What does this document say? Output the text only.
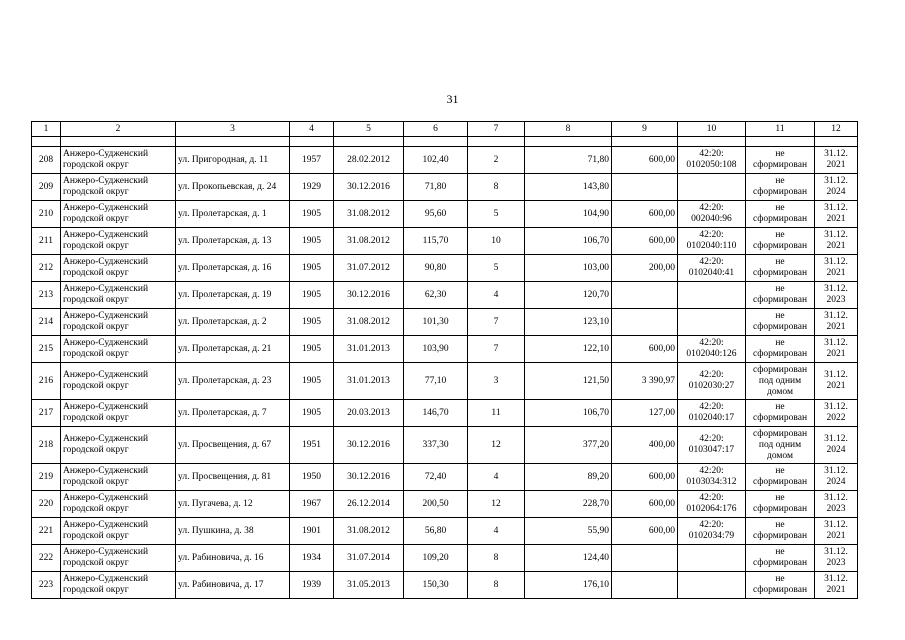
31
1	2	3	4	5	6	7	8	9	10	11	12

208	Анжеро-Судженский городской округ	ул. Пригородная, д. 11	1957	28.02.2012	102,40	2	71,80	600,00	42:20: 0102050:108	не сформирован	31.12. 2021
209	Анжеро-Судженский городской округ	ул. Прокопьевская, д. 24	1929	30.12.2016	71,80	8	143,80			не сформирован	31.12. 2024
210	Анжеро-Судженский городской округ	ул. Пролетарская, д. 1	1905	31.08.2012	95,60	5	104,90	600,00	42:20: 002040:96	не сформирован	31.12. 2021
211	Анжеро-Судженский городской округ	ул. Пролетарская, д. 13	1905	31.08.2012	115,70	10	106,70	600,00	42:20: 0102040:110	не сформирован	31.12. 2021
212	Анжеро-Судженский городской округ	ул. Пролетарская, д. 16	1905	31.07.2012	90,80	5	103,00	200,00	42:20: 0102040:41	не сформирован	31.12. 2021
213	Анжеро-Судженский городской округ	ул. Пролетарская, д. 19	1905	30.12.2016	62,30	4	120,70			не сформирован	31.12. 2023
214	Анжеро-Судженский городской округ	ул. Пролетарская, д. 2	1905	31.08.2012	101,30	7	123,10			не сформирован	31.12. 2021
215	Анжеро-Судженский городской округ	ул. Пролетарская, д. 21	1905	31.01.2013	103,90	7	122,10	600,00	42:20: 0102040:126	не сформирован	31.12. 2021
216	Анжеро-Судженский городской округ	ул. Пролетарская, д. 23	1905	31.01.2013	77,10	3	121,50	3 390,97	42:20: 0102030:27	сформирован под одним домом	31.12. 2021
217	Анжеро-Судженский городской округ	ул. Пролетарская, д. 7	1905	20.03.2013	146,70	11	106,70	127,00	42:20: 0102040:17	не сформирован	31.12. 2022
218	Анжеро-Судженский городской округ	ул. Просвещения, д. 67	1951	30.12.2016	337,30	12	377,20	400,00	42:20: 0103047:17	сформирован под одним домом	31.12. 2024
219	Анжеро-Судженский городской округ	ул. Просвещения, д. 81	1950	30.12.2016	72,40	4	89,20	600,00	42:20: 0103034:312	не сформирован	31.12. 2024
220	Анжеро-Судженский городской округ	ул. Пугачева, д. 12	1967	26.12.2014	200,50	12	228,70	600,00	42:20: 0102064:176	не сформирован	31.12. 2023
221	Анжеро-Судженский городской округ	ул. Пушкина, д. 38	1901	31.08.2012	56,80	4	55,90	600,00	42:20: 0102034:79	не сформирован	31.12. 2021
222	Анжеро-Судженский городской округ	ул. Рабиновича, д. 16	1934	31.07.2014	109,20	8	124,40			не сформирован	31.12. 2023
223	Анжеро-Судженский городской округ	ул. Рабиновича, д. 17	1939	31.05.2013	150,30	8	176,10			не сформирован	31.12. 2021
